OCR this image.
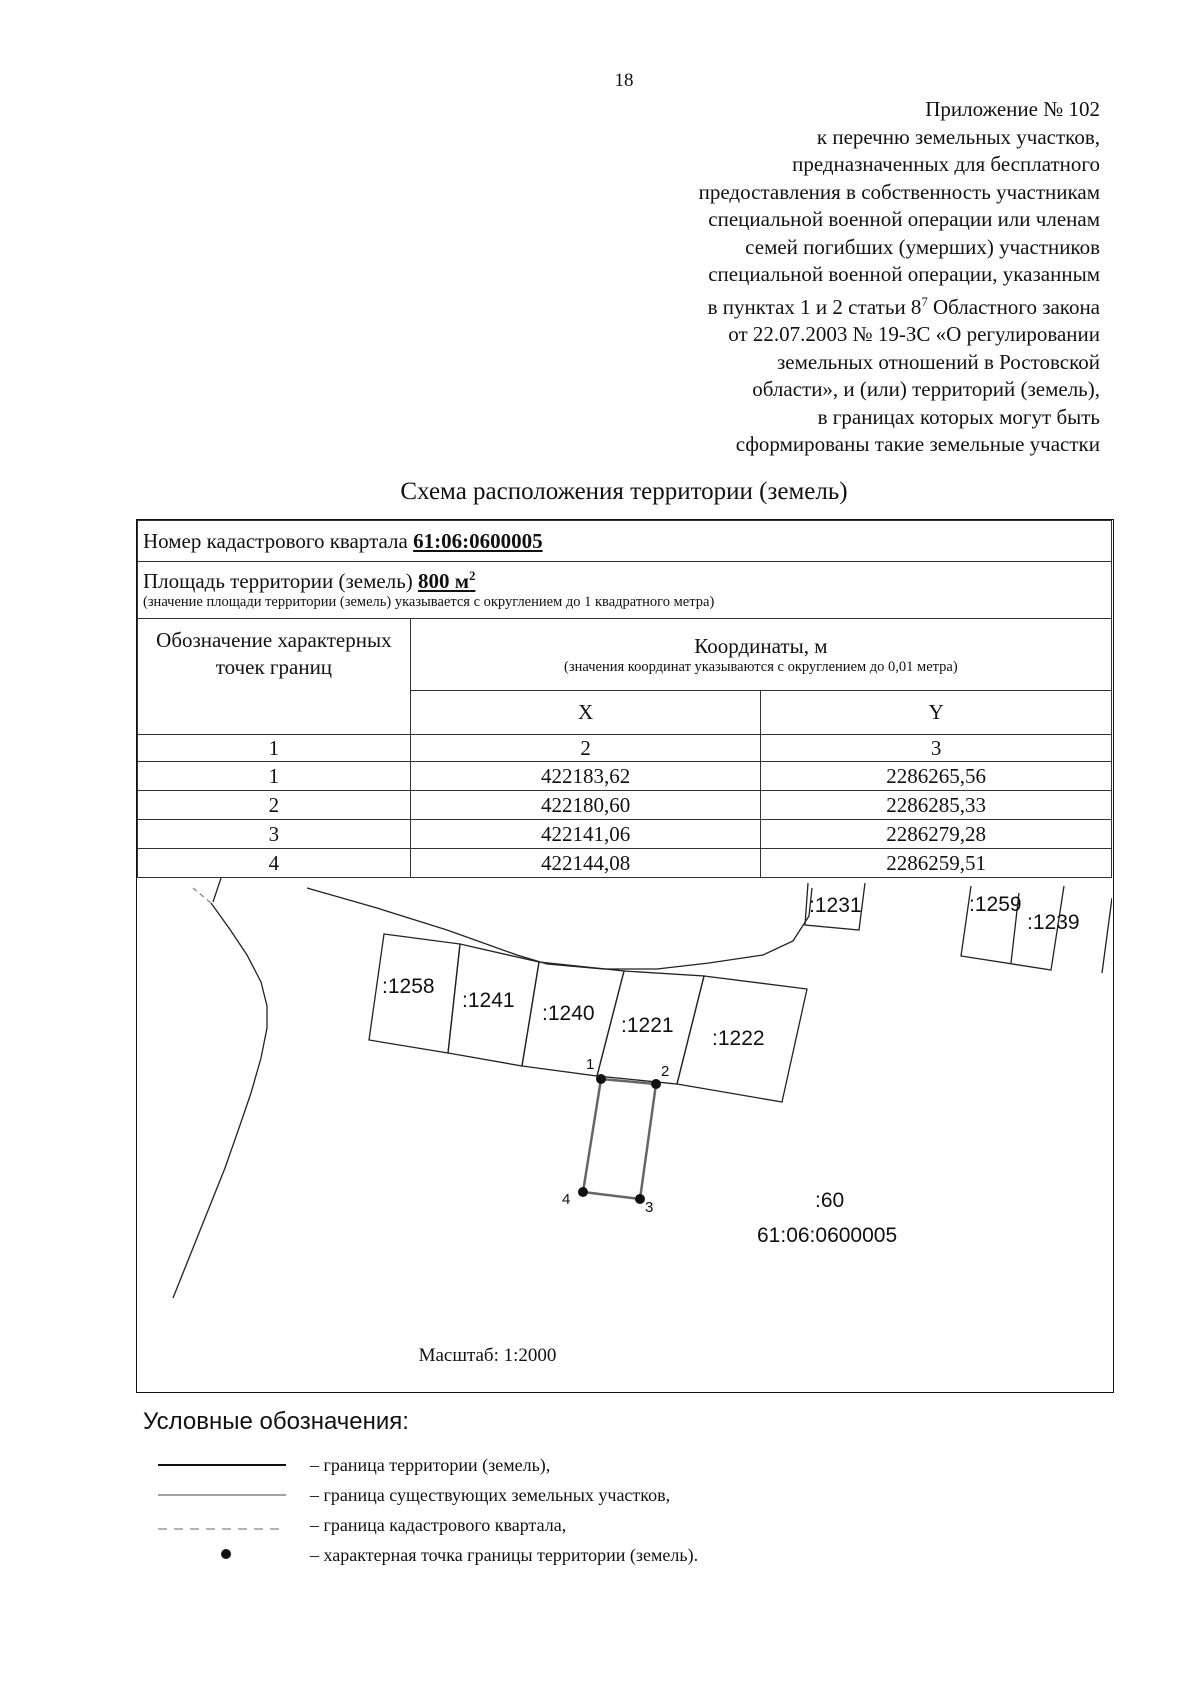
18
Приложение № 102
к перечню земельных участков,
предназначенных для бесплатного
предоставления в собственность участникам
специальной военной операции или членам
семей погибших (умерших) участников
специальной военной операции, указанным
в пунктах 1 и 2 статьи $8^7$ Областного закона
от 22.07.2003 № 19-ЗС «О регулировании
земельных отношений в Ростовской
области», и (или) территорий (земель),
в границах которых могут быть
сформированы такие земельные участки
Схема расположения территории (земель)
Номер кадастрового квартала 61:06:0600005		

Площадь территории (земель) 800 $м^2$
(значение площади территории (земель) указывается с округлением до 1 квадратного метра)		

Обозначение характерных точек границ	Координаты, м
(значения координат указываются с округлением до 0,01 метра)	

	X	Y
1	2	3
1	422183,62	2286265,56
2	422180,60	2286285,33
3	422141,06	2286279,28
4	422144,08	2286259,51
:1258
:1241
:1240
:1221
:1222
:1231	:1259
:1239
1	2
3
4	:60
61:06:0600005
Масштаб: 1:2000
Условные обозначения:
– граница территории (земель),
– граница существующих земельных участков,
– граница кадастрового квартала,
– характерная точка границы территории (земель).
